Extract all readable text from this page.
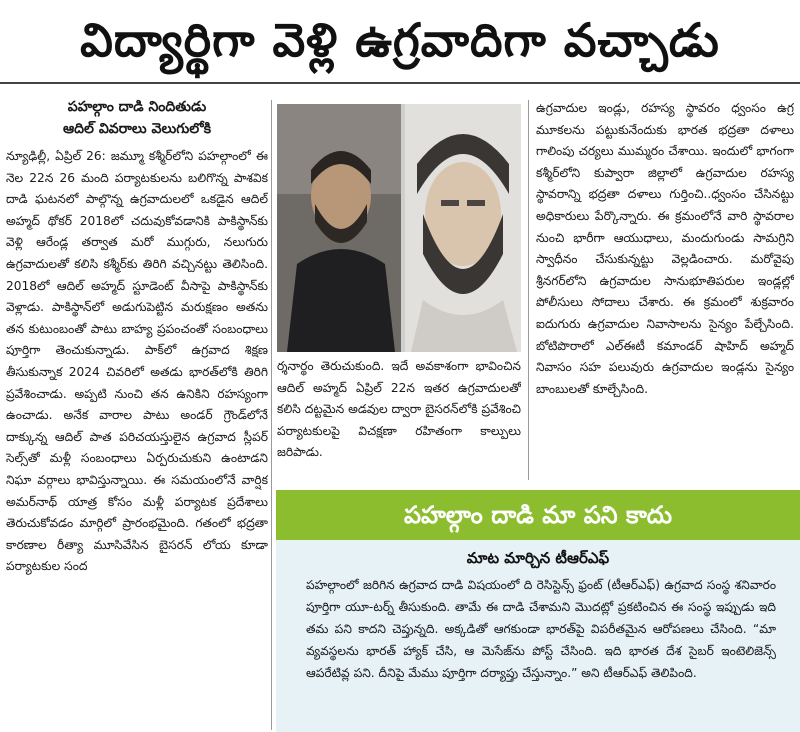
విద్యార్థిగా వెళ్లి ఉగ్రవాదిగా వచ్చాడు
పహల్గాం దాడి నిందితుడు
ఆదిల్ వివరాలు వెలుగులోకి

న్యూఢిల్లీ, ఏప్రిల్ 26: జమ్మూ కశ్మీర్‌లోని పహల్గాంలో ఈ నెల 22న 26 మంది పర్యాటకులను బలిగొన్న పాశవిక దాడి ఘటనలో పాల్గొన్న ఉగ్రవాదులలో ఒకడైన ఆదిల్ అహ్మద్ థోకర్ 2018లో చదువుకోవడానికి పాకిస్థాన్‌కు వెళ్లి ఆరేండ్ల తర్వాత మరో ముగ్గురు, నలుగురు ఉగ్రవాదులతో కలిసి కశ్మీర్‌కు తిరిగి వచ్చినట్టు తెలిసింది. 2018లో ఆదిల్ అహ్మద్ స్టూడెంట్ వీసాపై పాకిస్థాన్‌కు వెళ్లాడు. పాకిస్థాన్‌లో అడుగుపెట్టిన మరుక్షణం అతను తన కుటుంబంతో పాటు బాహ్య ప్రపంచంతో సంబంధాలు పూర్తిగా తెంచుకున్నాడు. పాక్‌లో ఉగ్రవాద శిక్షణ తీసుకున్నాక 2024 చివరిలో అతడు భారత్‌లోకి తిరిగి ప్రవేశించాడు. అప్పటి నుంచి తన ఉనికిని రహస్యంగా ఉంచాడు. అనేక వారాల పాటు అండర్ గ్రౌండ్‌లోనే దాక్కున్న ఆదిల్ పాత పరిచయస్తులైన ఉగ్రవాద స్లీపర్ సెల్స్‌తో మళ్లీ సంబంధాలు ఏర్పరుచుకుని ఉంటాడని నిఘా వర్గాలు భావిస్తున్నాయి. ఈ సమయంలోనే వార్షిక అమర్‌నాథ్ యాత్ర కోసం మళ్లీ పర్యాటక ప్రదేశాలు తెరుచుకోవడం మార్గిలో ప్రారంభమైంది. గతంలో భద్రతా కారణాల రీత్యా మూసివేసిన బైసరన్ లోయ కూడా పర్యాటకుల సంద

ర్శనార్థం తెరుచుకుంది. ఇదే అవకాశంగా భావించిన ఆదిల్ అహ్మద్ ఏప్రిల్ 22న ఇతర ఉగ్రవాదులతో కలిసి దట్టమైన అడవుల ద్వారా బైసరన్‌లోకి ప్రవేశించి పర్యాటకులపై విచక్షణా రహితంగా కాల్పులు జరిపాడు.

ఉగ్రవాదుల ఇండ్లు, రహస్య స్థావరం ధ్వంసం ఉగ్ర మూకలను పట్టుకునేందుకు భారత భద్రతా దళాలు గాలింపు చర్యలు ముమ్మరం చేశాయి. ఇందులో భాగంగా కశ్మీర్‌లోని కుప్వారా జిల్లాలో ఉగ్రవాదుల రహస్య స్థావరాన్ని భద్రతా దళాలు గుర్తించి..ధ్వంసం చేసినట్టు అధికారులు పేర్కొన్నారు. ఈ క్రమంలోనే వారి స్థావరాల నుంచి భారీగా ఆయుధాలు, మందుగుండు సామగ్రిని స్వాధీనం చేసుకున్నట్టు వెల్లడించారు. మరోవైపు శ్రీనగర్‌లోని ఉగ్రవాదుల సానుభూతిపరుల ఇండ్లల్లో పోలీసులు సోదాలు చేశారు. ఈ క్రమంలో శుక్రవారం ఐదుగురు ఉగ్రవాదుల నివాసాలను సైన్యం పేల్చేసింది. బోటిపొరాలో ఎల్ఈటీ కమాండర్ షాహిద్ అహ్మద్ నివాసం సహ పలువురు ఉగ్రవాదుల ఇండ్లను సైన్యం బాంబులతో కూల్చేసింది.

పహల్గాం దాడి మా పని కాదు
మాట మార్చిన టీఆర్ఎఫ్

పహల్గాంలో జరిగిన ఉగ్రవాద దాడి విషయంలో ది రెసిస్టెన్స్ ఫ్రంట్ (టీఆర్ఎఫ్) ఉగ్రవాద సంస్థ శనివారం పూర్తిగా యూ-టర్న్ తీసుకుంది. తామే ఈ దాడి చేశామని మొదట్లో ప్రకటించిన ఈ సంస్థ ఇప్పుడు ఇది తమ పని కాదని చెప్తున్నది. అక్కడితో ఆగకుండా భారత్‌పై విపరీతమైన ఆరోపణలు చేసింది. “మా వ్యవస్థలను భారత్ హ్యాక్ చేసి, ఆ మెసేజ్‌ను పోస్ట్ చేసింది. ఇది భారత దేశ సైబర్ ఇంటెలిజెన్స్ ఆపరేటివ్ల పని. దీనిపై మేము పూర్తిగా దర్యాప్తు చేస్తున్నాం.” అని టీఆర్ఎఫ్ తెలిపింది.
